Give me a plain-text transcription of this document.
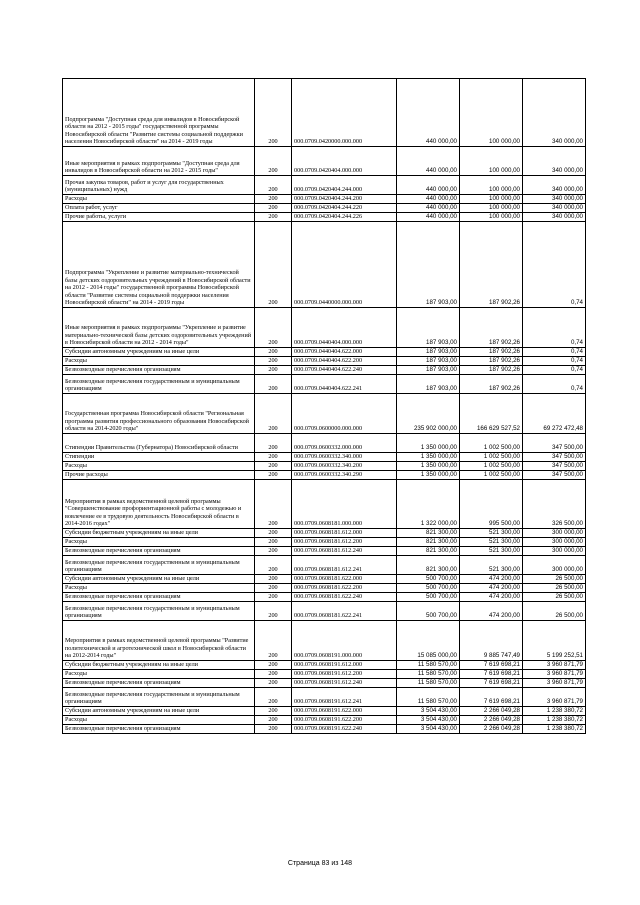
Подпрограмма "Доступная среда для инвалидов в Новосибирской области на 2012 - 2015 годы" государственной программы Новосибирской области "Развитие системы социальной поддержки населения Новосибирской области" на 2014 - 2019 годы	200	000.0709.0420000.000.000	440 000,00	100 000,00	340 000,00
Иные мероприятия в рамках подпрограммы "Доступная среда для инвалидов в Новосибирской области на 2012 - 2015 годы"	200	000.0709.0420404.000.000	440 000,00	100 000,00	340 000,00
Прочая закупка товаров, работ и услуг для государственных (муниципальных) нужд	200	000.0709.0420404.244.000	440 000,00	100 000,00	340 000,00
Расходы	200	000.0709.0420404.244.200	440 000,00	100 000,00	340 000,00
Оплата работ, услуг	200	000.0709.0420404.244.220	440 000,00	100 000,00	340 000,00
Прочие работы, услуги	200	000.0709.0420404.244.226	440 000,00	100 000,00	340 000,00
Подпрограмма "Укрепление и развитие материально-технической базы детских оздоровительных учреждений в Новосибирской области на 2012 - 2014 годы" государственной программы Новосибирской области "Развитие системы социальной поддержки населения Новосибирской области" на 2014 - 2019 годы	200	000.0709.0440000.000.000	187 903,00	187 902,26	0,74
Иные мероприятия в рамках подпрограммы "Укрепление и развитие материально-технической базы детских оздоровительных учреждений в Новосибирской области на 2012 - 2014 годы"	200	000.0709.0440404.000.000	187 903,00	187 902,26	0,74
Субсидии автономным учреждениям на иные цели	200	000.0709.0440404.622.000	187 903,00	187 902,26	0,74
Расходы	200	000.0709.0440404.622.200	187 903,00	187 902,26	0,74
Безвозмездные перечисления организациям	200	000.0709.0440404.622.240	187 903,00	187 902,26	0,74
Безвозмездные перечисления государственным и муниципальным организациям	200	000.0709.0440404.622.241	187 903,00	187 902,26	0,74
Государственная программа Новосибирской области "Региональная программа развития профессионального образования Новосибирской области на 2014-2020 годы"	200	000.0709.0600000.000.000	235 902 000,00	166 629 527,52	69 272 472,48
Стипендии Правительства (Губернатора) Новосибирской области	200	000.0709.0600332.000.000	1 350 000,00	1 002 500,00	347 500,00
Стипендии	200	000.0709.0600332.340.000	1 350 000,00	1 002 500,00	347 500,00
Расходы	200	000.0709.0600332.340.200	1 350 000,00	1 002 500,00	347 500,00
Прочие расходы	200	000.0709.0600332.340.290	1 350 000,00	1 002 500,00	347 500,00
Мероприятия в рамках ведомственной целевой программы "Совершенствование профориентационной работы с молодежью и вовлечение ее в трудовую деятельность Новосибирской области в 2014-2016 годах"	200	000.0709.0608181.000.000	1 322 000,00	995 500,00	326 500,00
Субсидии бюджетным учреждениям на иные цели	200	000.0709.0608181.612.000	821 300,00	521 300,00	300 000,00
Расходы	200	000.0709.0608181.612.200	821 300,00	521 300,00	300 000,00
Безвозмездные перечисления организациям	200	000.0709.0608181.612.240	821 300,00	521 300,00	300 000,00
Безвозмездные перечисления государственным и муниципальным организациям	200	000.0709.0608181.612.241	821 300,00	521 300,00	300 000,00
Субсидии автономным учреждениям на иные цели	200	000.0709.0608181.622.000	500 700,00	474 200,00	26 500,00
Расходы	200	000.0709.0608181.622.200	500 700,00	474 200,00	26 500,00
Безвозмездные перечисления организациям	200	000.0709.0608181.622.240	500 700,00	474 200,00	26 500,00
Безвозмездные перечисления государственным и муниципальным организациям	200	000.0709.0608181.622.241	500 700,00	474 200,00	26 500,00
Мероприятия в рамках ведомственной целевой программы "Развитие политехнической и агротехнической школ в Новосибирской области на 2012-2014 годы"	200	000.0709.0608191.000.000	15 085 000,00	9 885 747,49	5 199 252,51
Субсидии бюджетным учреждениям на иные цели	200	000.0709.0608191.612.000	11 580 570,00	7 619 698,21	3 960 871,79
Расходы	200	000.0709.0608191.612.200	11 580 570,00	7 619 698,21	3 960 871,79
Безвозмездные перечисления организациям	200	000.0709.0608191.612.240	11 580 570,00	7 619 698,21	3 960 871,79
Безвозмездные перечисления государственным и муниципальным организациям	200	000.0709.0608191.612.241	11 580 570,00	7 619 698,21	3 960 871,79
Субсидии автономным учреждениям на иные цели	200	000.0709.0608191.622.000	3 504 430,00	2 266 049,28	1 238 380,72
Расходы	200	000.0709.0608191.622.200	3 504 430,00	2 266 049,28	1 238 380,72
Безвозмездные перечисления организациям	200	000.0709.0608191.622.240	3 504 430,00	2 266 049,28	1 238 380,72
Страница 83 из 148
